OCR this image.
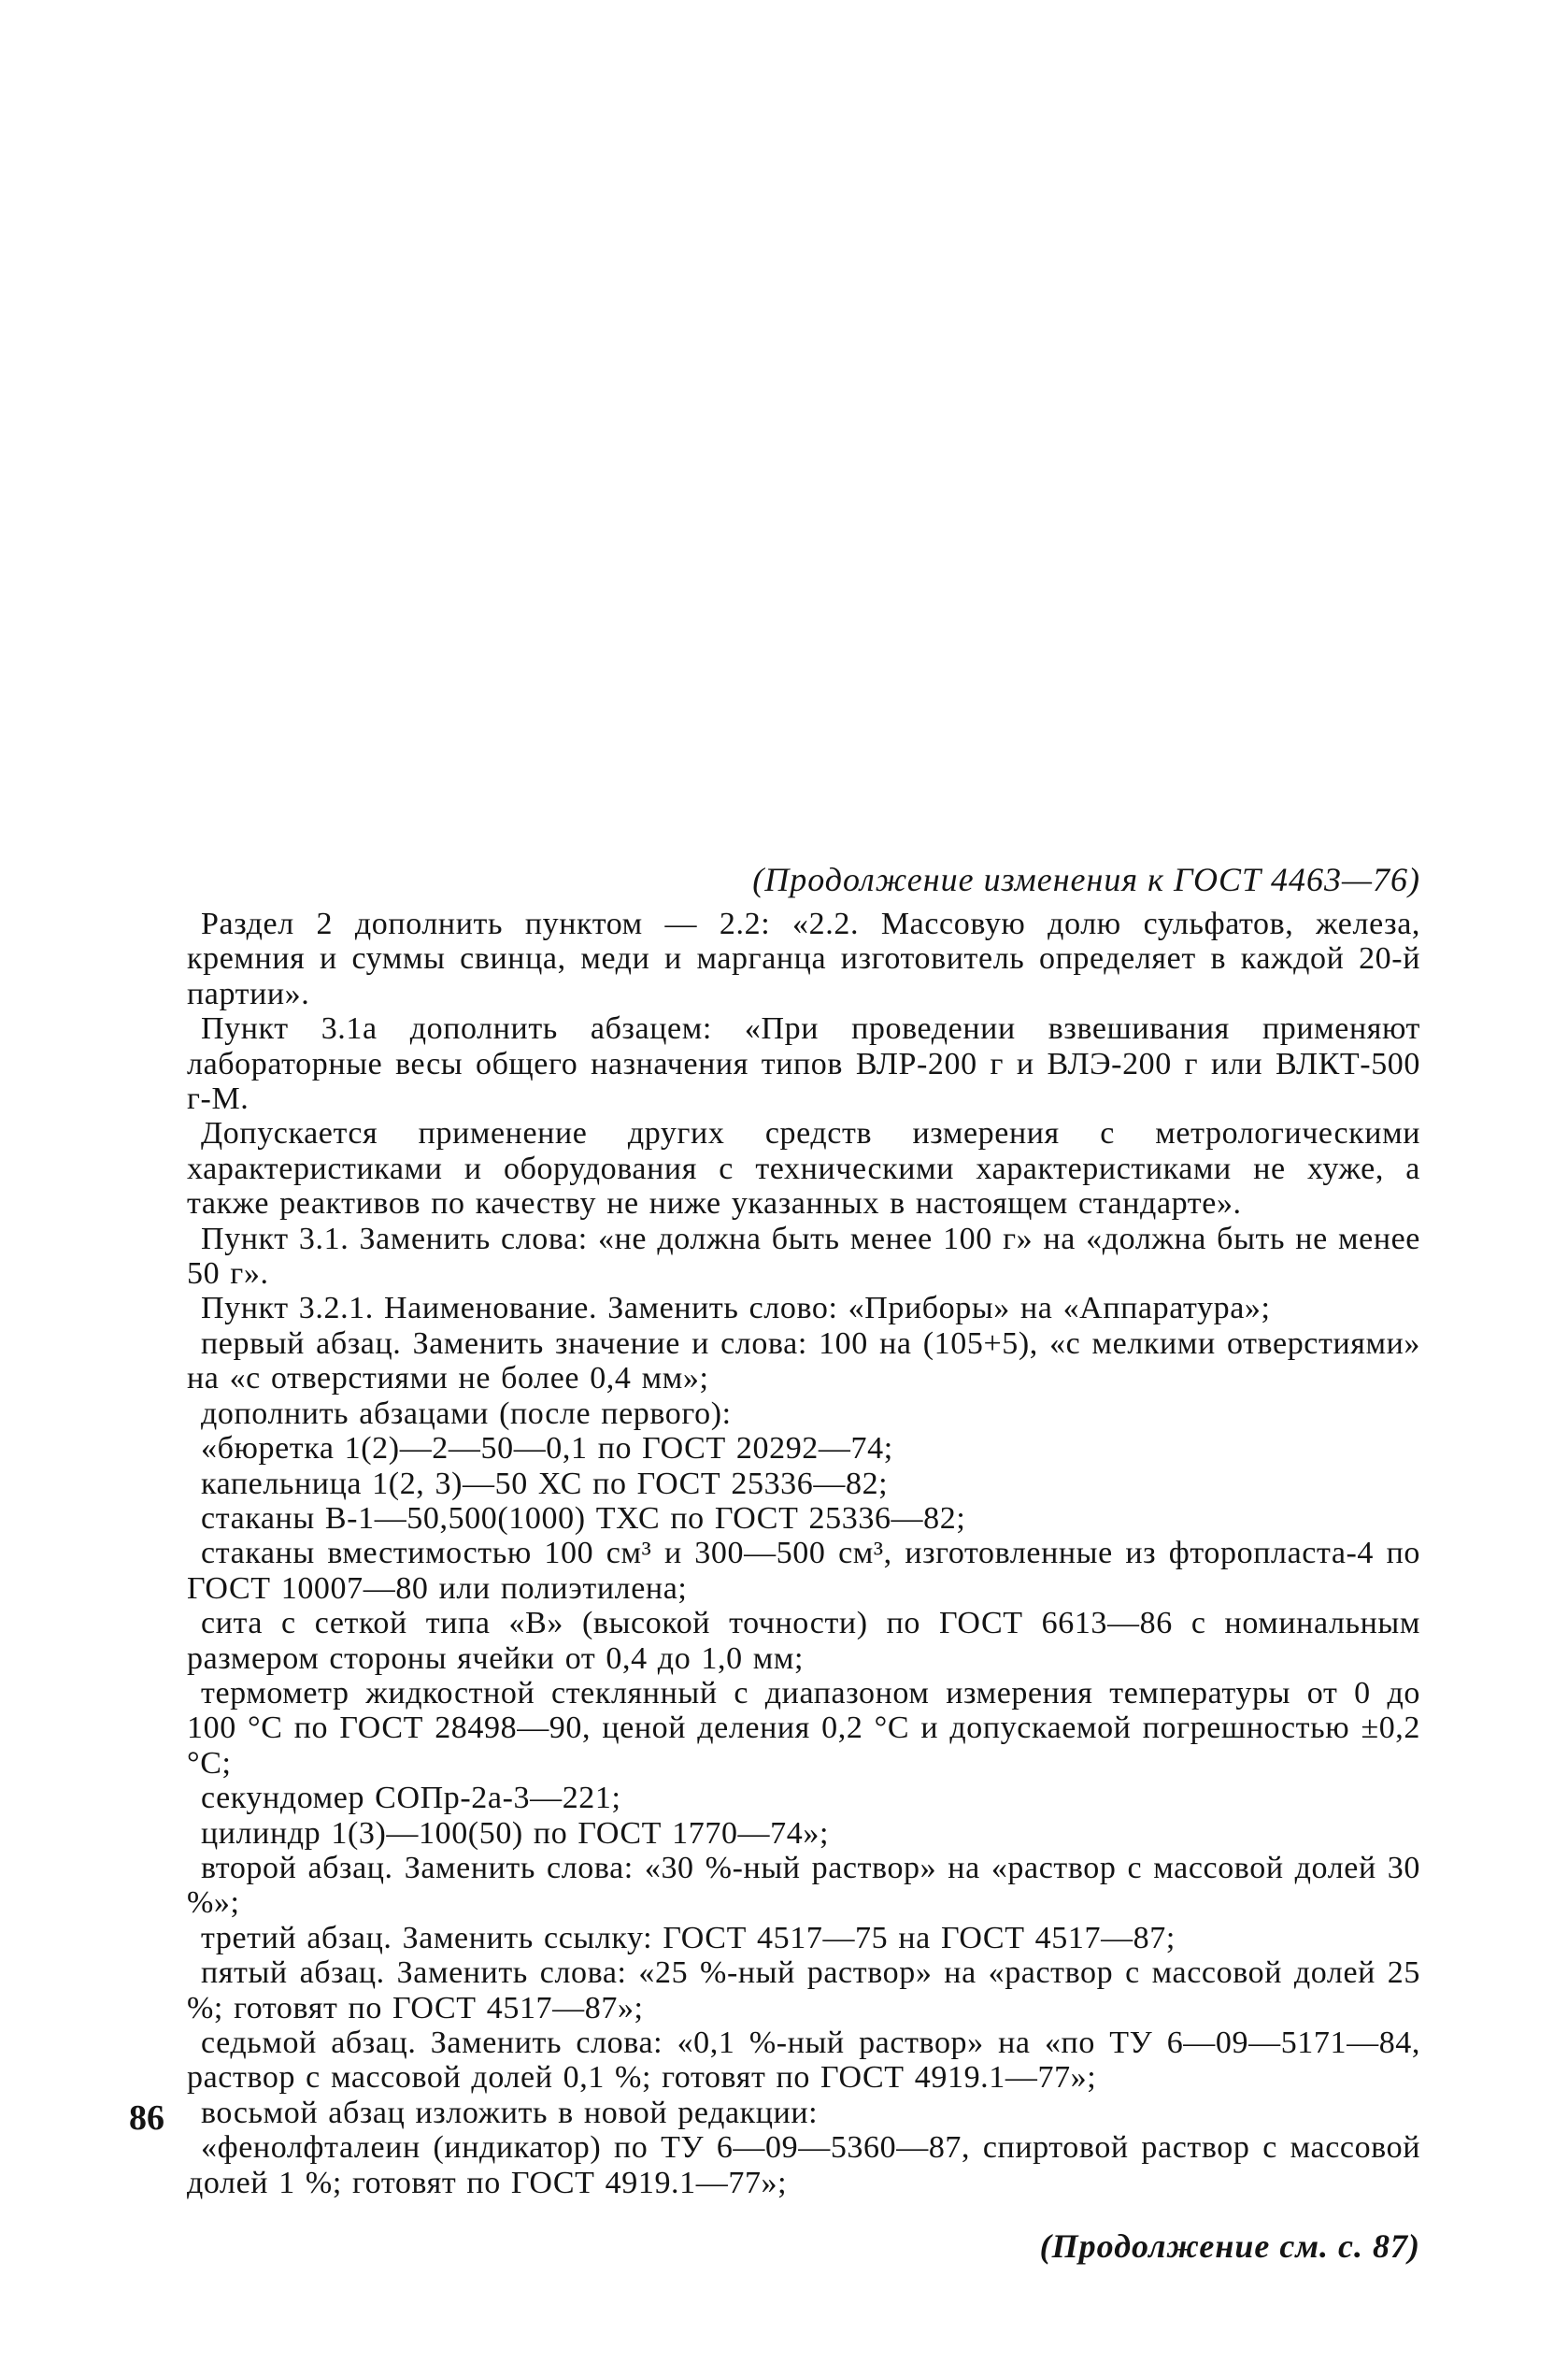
(Продолжение изменения к ГОСТ 4463—76)

Раздел 2 дополнить пунктом — 2.2: «2.2. Массовую долю сульфатов, железа, кремния и суммы свинца, меди и марганца изготовитель определяет в каждой 20-й партии».

Пункт 3.1а дополнить абзацем: «При проведении взвешивания применяют лабораторные весы общего назначения типов ВЛР-200 г и ВЛЭ-200 г или ВЛКТ-500 г-М.

Допускается применение других средств измерения с метрологическими характеристиками и оборудования с техническими характеристиками не хуже, а также реактивов по качеству не ниже указанных в настоящем стандарте».

Пункт 3.1. Заменить слова: «не должна быть менее 100 г» на «должна быть не менее 50 г».

Пункт 3.2.1. Наименование. Заменить слово: «Приборы» на «Аппаратура»;

первый абзац. Заменить значение и слова: 100 на (105+5), «с мелкими отверстиями» на «с отверстиями не более 0,4 мм»;

дополнить абзацами (после первого):

«бюретка 1(2)—2—50—0,1 по ГОСТ 20292—74;

капельница 1(2, 3)—50 ХС по ГОСТ 25336—82;

стаканы В-1—50,500(1000) ТХС по ГОСТ 25336—82;

стаканы вместимостью 100 см³ и 300—500 см³, изготовленные из фторопласта-4 по ГОСТ 10007—80 или полиэтилена;

сита с сеткой типа «В» (высокой точности) по ГОСТ 6613—86 с номинальным размером стороны ячейки от 0,4 до 1,0 мм;

термометр жидкостной стеклянный с диапазоном измерения температуры от 0 до 100 °С по ГОСТ 28498—90, ценой деления 0,2 °С и допускаемой погрешностью ±0,2 °С;

секундомер СОПр-2а-3—221;

цилиндр 1(3)—100(50) по ГОСТ 1770—74»;

второй абзац. Заменить слова: «30 %-ный раствор» на «раствор с массовой долей 30 %»;

третий абзац. Заменить ссылку: ГОСТ 4517—75 на ГОСТ 4517—87;

пятый абзац. Заменить слова: «25 %-ный раствор» на «раствор с массовой долей 25 %; готовят по ГОСТ 4517—87»;

седьмой абзац. Заменить слова: «0,1 %-ный раствор» на «по ТУ 6—09—5171—84, раствор с массовой долей 0,1 %; готовят по ГОСТ 4919.1—77»;

восьмой абзац изложить в новой редакции:

«фенолфталеин (индикатор) по ТУ 6—09—5360—87, спиртовой раствор с массовой долей 1 %; готовят по ГОСТ 4919.1—77»;

(Продолжение см. с. 87)

86
